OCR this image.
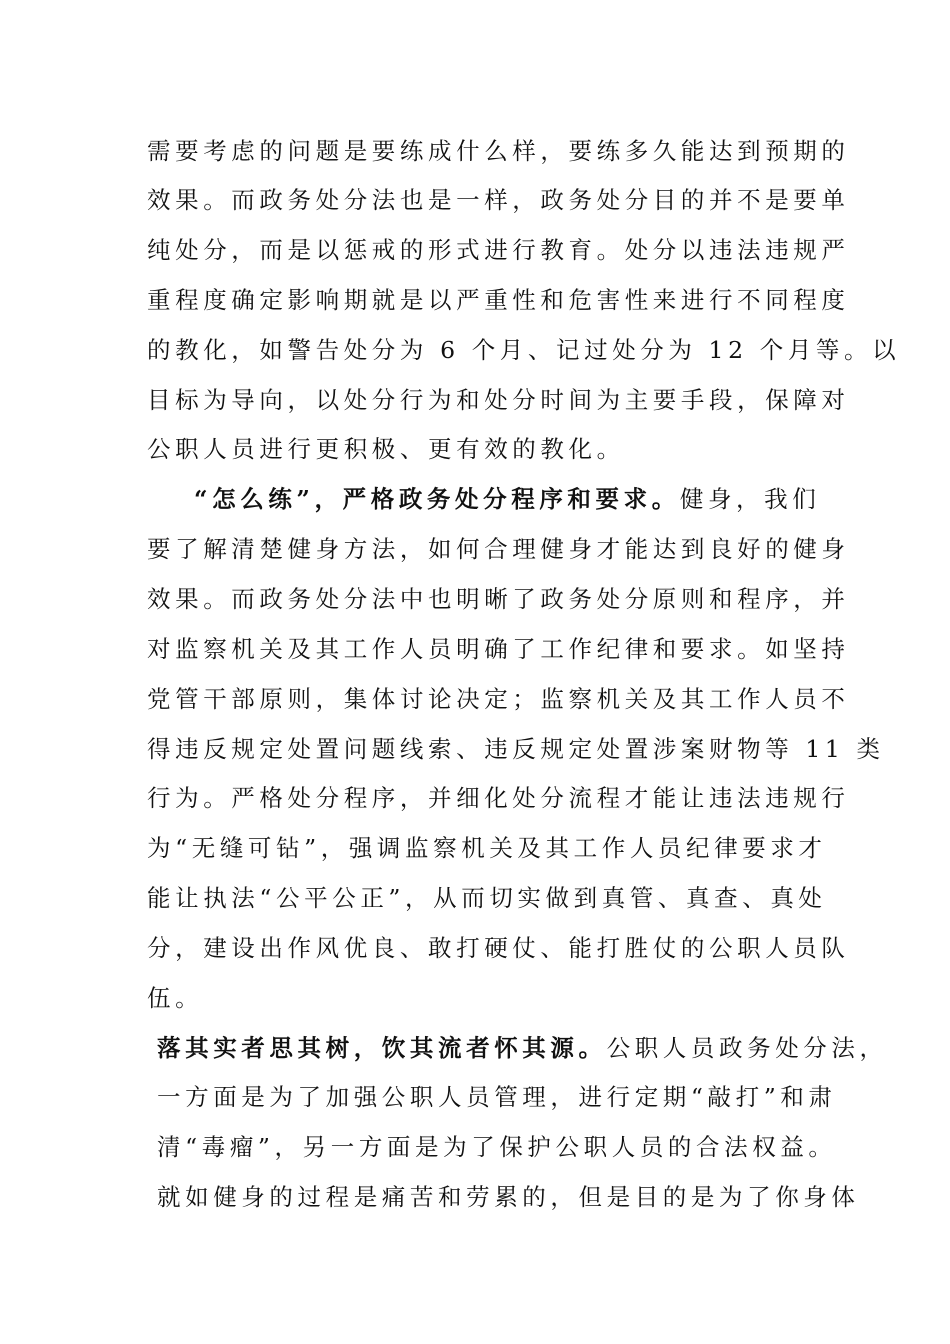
需要考虑的问题是要练成什么样，要练多久能达到预期的
效果。而政务处分法也是一样，政务处分目的并不是要单
纯处分，而是以惩戒的形式进行教育。处分以违法违规严
重程度确定影响期就是以严重性和危害性来进行不同程度
的教化，如警告处分为 6 个月、记过处分为 12 个月等。以
目标为导向，以处分行为和处分时间为主要手段，保障对
公职人员进行更积极、更有效的教化。
“怎么练”，严格政务处分程序和要求。健身，我们
要了解清楚健身方法，如何合理健身才能达到良好的健身
效果。而政务处分法中也明晰了政务处分原则和程序，并
对监察机关及其工作人员明确了工作纪律和要求。如坚持
党管干部原则，集体讨论决定；监察机关及其工作人员不
得违反规定处置问题线索、违反规定处置涉案财物等 11 类
行为。严格处分程序，并细化处分流程才能让违法违规行
为“无缝可钻”，强调监察机关及其工作人员纪律要求才
能让执法“公平公正”，从而切实做到真管、真查、真处
分，建设出作风优良、敢打硬仗、能打胜仗的公职人员队
伍。
落其实者思其树，饮其流者怀其源。公职人员政务处分法，
一方面是为了加强公职人员管理，进行定期“敲打”和肃
清“毒瘤”，另一方面是为了保护公职人员的合法权益。
就如健身的过程是痛苦和劳累的，但是目的是为了你身体
